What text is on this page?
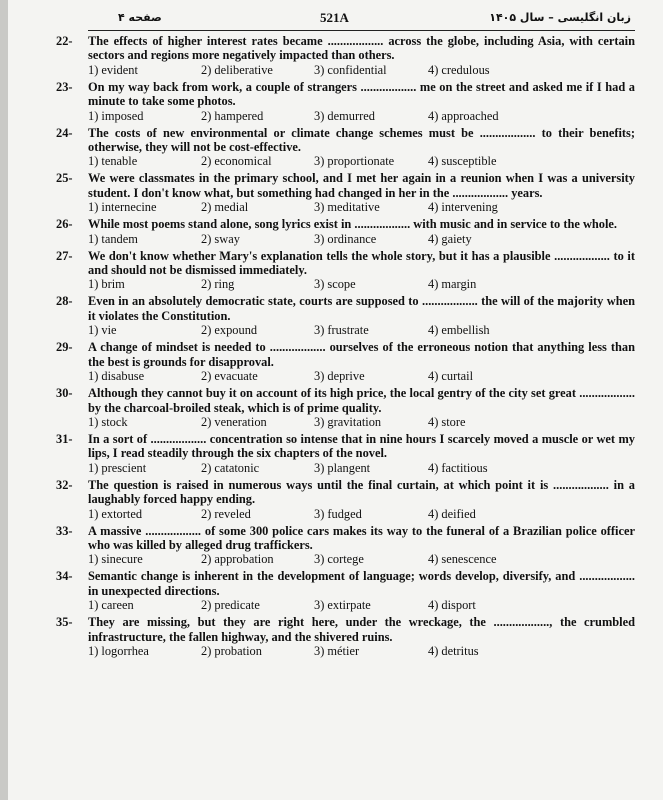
صفحه ۴	521A	زبان انگلیسی – سال ۱۴۰۵
22- The effects of higher interest rates became .................. across the globe, including Asia, with certain sectors and regions more negatively impacted than others.

1) evident	2) deliberative	3) confidential	4) credulous
23- On my way back from work, a couple of strangers .................. me on the street and asked me if I had a minute to take some photos.

1) imposed	2) hampered	3) demurred	4) approached
24- The costs of new environmental or climate change schemes must be .................. to their benefits; otherwise, they will not be cost-effective.

1) tenable	2) economical	3) proportionate	4) susceptible
25- We were classmates in the primary school, and I met her again in a reunion when I was a university student. I don't know what, but something had changed in her in the .................. years.

1) internecine	2) medial	3) meditative	4) intervening
26- While most poems stand alone, song lyrics exist in .................. with music and in service to the whole.

1) tandem	2) sway	3) ordinance	4) gaiety
27- We don't know whether Mary's explanation tells the whole story, but it has a plausible .................. to it and should not be dismissed immediately.

1) brim	2) ring	3) scope	4) margin
28- Even in an absolutely democratic state, courts are supposed to .................. the will of the majority when it violates the Constitution.

1) vie	2) expound	3) frustrate	4) embellish
29- A change of mindset is needed to .................. ourselves of the erroneous notion that anything less than the best is grounds for disapproval.

1) disabuse	2) evacuate	3) deprive	4) curtail
30- Although they cannot buy it on account of its high price, the local gentry of the city set great .................. by the charcoal-broiled steak, which is of prime quality.

1) stock	2) veneration	3) gravitation	4) store
31- In a sort of .................. concentration so intense that in nine hours I scarcely moved a muscle or wet my lips, I read steadily through the six chapters of the novel.

1) prescient	2) catatonic	3) plangent	4) factitious
32- The question is raised in numerous ways until the final curtain, at which point it is .................. in a laughably forced happy ending.

1) extorted	2) reveled	3) fudged	4) deified
33- A massive .................. of some 300 police cars makes its way to the funeral of a Brazilian police officer who was killed by alleged drug traffickers.

1) sinecure	2) approbation	3) cortege	4) senescence
34- Semantic change is inherent in the development of language; words develop, diversify, and .................. in unexpected directions.

1) careen	2) predicate	3) extirpate	4) disport
35- They are missing, but they are right here, under the wreckage, the .................., the crumbled infrastructure, the fallen highway, and the shivered ruins.

1) logorrhea	2) probation	3) métier	4) detritus
